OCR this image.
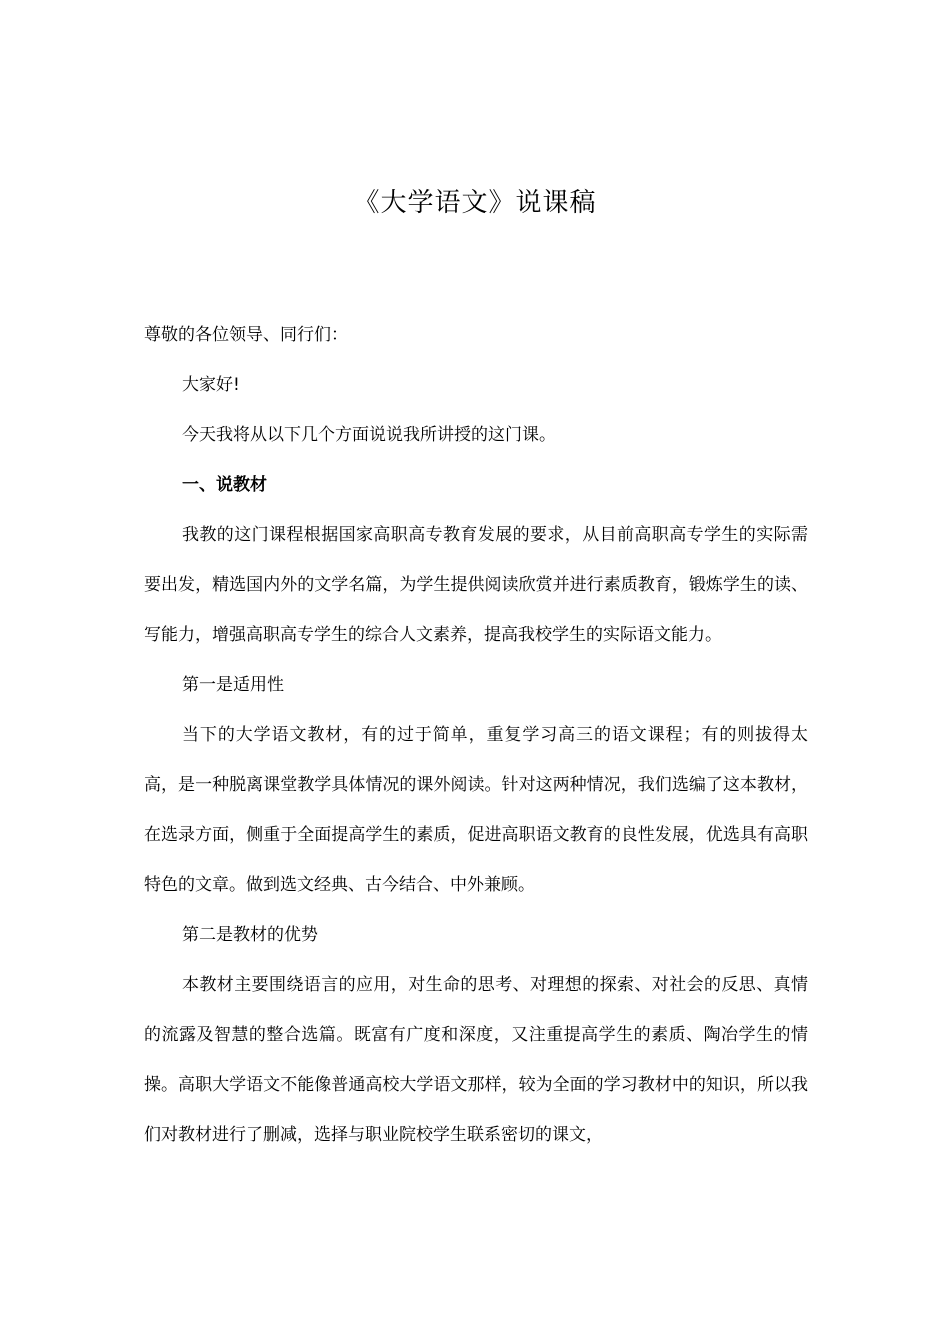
《大学语文》说课稿

尊敬的各位领导、同行们：

大家好!

今天我将从以下几个方面说说我所讲授的这门课。

一、说教材

我教的这门课程根据国家高职高专教育发展的要求，从目前高职高专学生的实际需要出发，精选国内外的文学名篇，为学生提供阅读欣赏并进行素质教育，锻炼学生的读、写能力，增强高职高专学生的综合人文素养，提高我校学生的实际语文能力。

第一是适用性

当下的大学语文教材，有的过于简单，重复学习高三的语文课程；有的则拔得太高，是一种脱离课堂教学具体情况的课外阅读。针对这两种情况，我们选编了这本教材，在选录方面，侧重于全面提高学生的素质，促进高职语文教育的良性发展，优选具有高职特色的文章。做到选文经典、古今结合、中外兼顾。

第二是教材的优势

本教材主要围绕语言的应用，对生命的思考、对理想的探索、对社会的反思、真情的流露及智慧的整合选篇。既富有广度和深度，又注重提高学生的素质、陶冶学生的情操。高职大学语文不能像普通高校大学语文那样，较为全面的学习教材中的知识，所以我们对教材进行了删减，选择与职业院校学生联系密切的课文，
